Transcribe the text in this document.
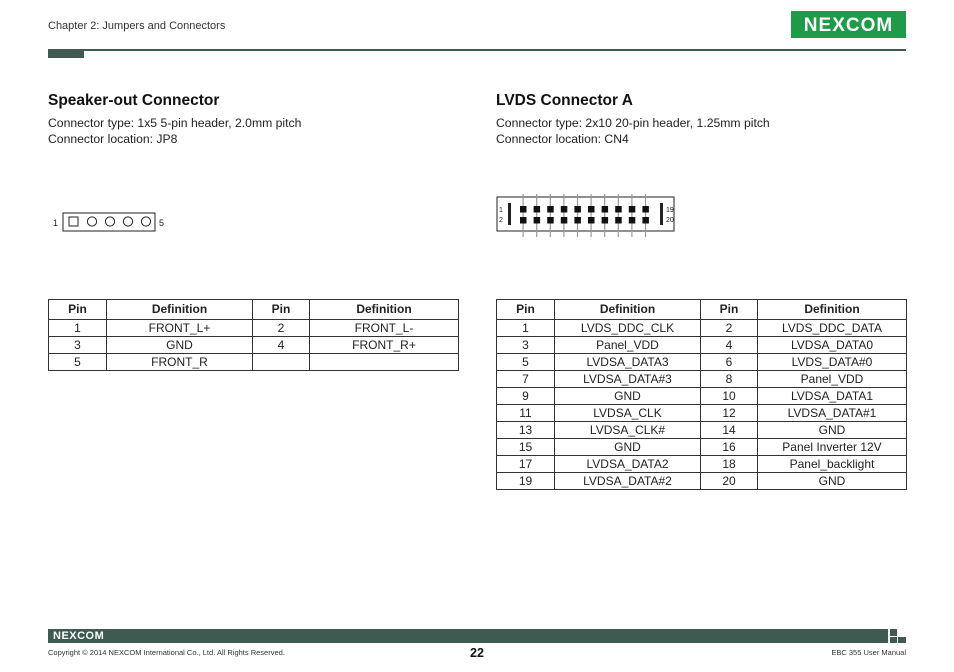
Chapter 2: Jumpers and Connectors	NEXCOM
Speaker-out Connector
Connector type: 1x5 5-pin header, 2.0mm pitch
Connector location: JP8
1	5
Pin	Definition	Pin	Definition
1	FRONT_L+	2	FRONT_L-
3	GND	4	FRONT_R+
5	FRONT_R		
LVDS Connector A
Connector type: 2x10 20-pin header, 1.25mm pitch
Connector location: CN4
1
2
19
20
Pin	Definition	Pin	Definition
1	LVDS_DDC_CLK	2	LVDS_DDC_DATA
3	Panel_VDD	4	LVDSA_DATA0
5	LVDSA_DATA3	6	LVDS_DATA#0
7	LVDSA_DATA#3	8	Panel_VDD
9	GND	10	LVDSA_DATA1
11	LVDSA_CLK	12	LVDSA_DATA#1
13	LVDSA_CLK#	14	GND
15	GND	16	Panel Inverter 12V
17	LVDSA_DATA2	18	Panel_backlight
19	LVDSA_DATA#2	20	GND
NEXCOM
Copyright © 2014 NEXCOM International Co., Ltd. All Rights Reserved.	22	EBC 355 User Manual
